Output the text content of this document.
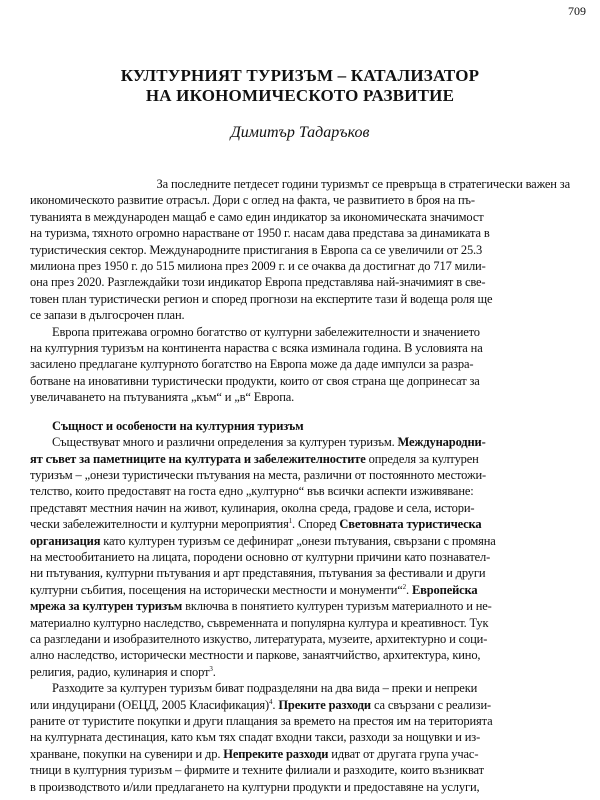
709
КУЛТУРНИЯТ ТУРИЗЪМ – КАТАЛИЗАТОР
НА ИКОНОМИЧЕСКОТО РАЗВИТИЕ
Димитър Тадаръков
За последните петдесет години туризмът се превръща в стратегически важен за
икономическото развитие отрасъл. Дори с оглед на факта, че развитието в броя на пъ-
туванията в международен мащаб е само един индикатор за икономическата значимост
на туризма, тяхното огромно нарастване от 1950 г. насам дава представа за динамиката в
туристическия сектор. Международните пристигания в Европа са се увеличили от 25.3
милиона през 1950 г. до 515 милиона през 2009 г. и се очаква да достигнат до 717 мили-
она през 2020. Разглеждайки този индикатор Европа представлява най-значимият в све-
товен план туристически регион и според прогнози на експертите тази й водеща роля ще
се запази в дългосрочен план.
Европа притежава огромно богатство от културни забележителности и значението
на културния туризъм на континента нараства с всяка изминала година. В условията на
засилено предлагане културното богатство на Европа може да даде импулси за разра-
ботване на иновативни туристически продукти, които от своя страна ще допринесат за
увеличаването на пътуванията „към“ и „в“ Европа.
Същност и особености на културния туризъм
Съществуват много и различни определения за културен туризъм. Международни-
ят съвет за паметниците на културата и забележителностите определя за културен
туризъм – „онези туристически пътувания на места, различни от постоянното местожи-
телство, които предоставят на госта едно „културно“ във всички аспекти изживяване:
представят местния начин на живот, кулинария, околна среда, градове и села, истори-
чески забележителности и културни мероприятия$^1$. Според Световната туристическа
организация като културен туризъм се дефинират „онези пътувания, свързани с промяна
на местообитанието на лицата, породени основно от културни причини като познавател-
ни пътувания, културни пътувания и арт представяния, пътувания за фестивали и други
културни събития, посещения на исторически местности и монументи“$^2$. Европейска
мрежа за културен туризъм включва в понятието културен туризъм материалното и не-
материално културно наследство, съвременната и популярна култура и креативност. Тук
са разгледани и изобразителното изкуство, литературата, музеите, архитектурно и соци-
ално наследство, исторически местности и паркове, занаятчийство, архитектура, кино,
религия, радио, кулинария и спорт$^3$.
Разходите за културен туризъм биват подразделяни на два вида – преки и непреки
или индуцирани (ОЕЦД, 2005 Класификация)$^4$. Преките разходи са свързани с реализи-
раните от туристите покупки и други плащания за времето на престоя им на територията
на културната дестинация, като към тях спадат входни такси, разходи за нощувки и из-
хранване, покупки на сувенири и др. Непреките разходи идват от другата група учас-
тници в културния туризъм – фирмите и техните филиали и разходите, които възникват
в производството и/или предлагането на културни продукти и предоставяне на услуги,
